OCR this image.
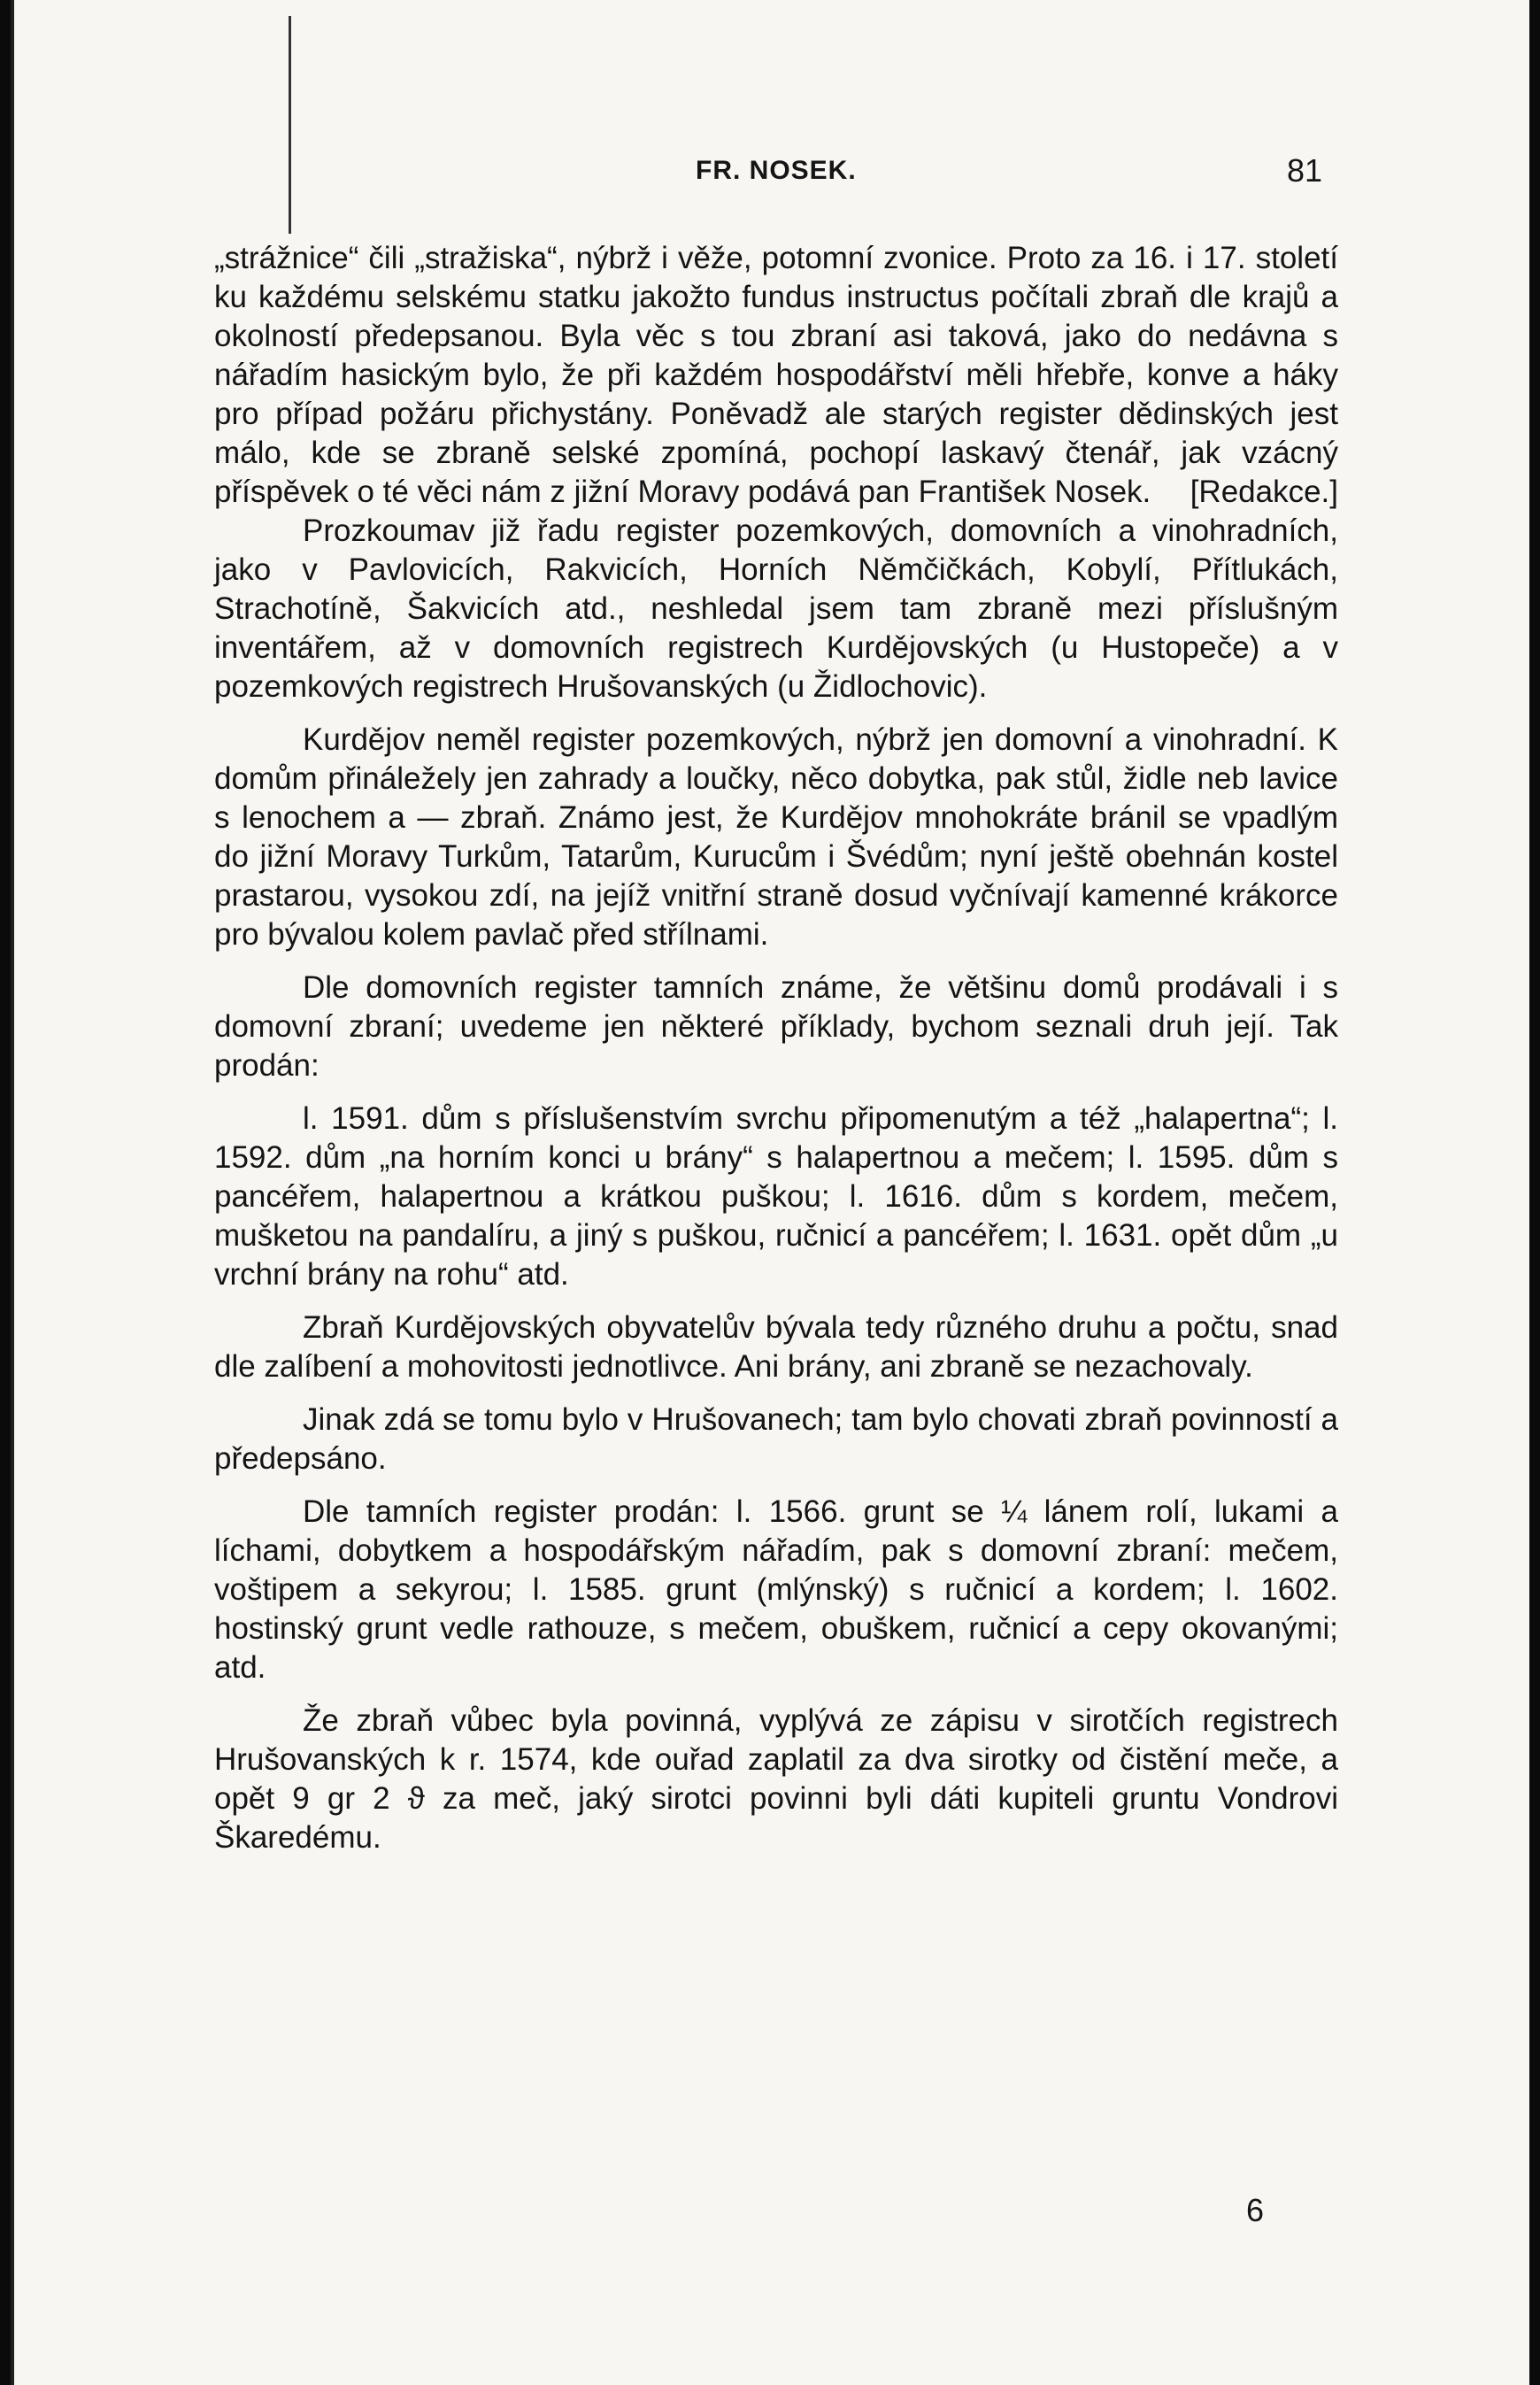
FR. NOSEK.	81

„strážnice“ čili „stražiska“, nýbrž i věže, potomní zvonice. Proto za 16. i 17. století ku každému selskému statku jakožto fundus instructus počítali zbraň dle krajů a okolností předepsanou. Byla věc s tou zbraní asi taková, jako do nedávna s nářadím hasickým bylo, že při každém hospodářství měli hřebře, konve a háky pro případ požáru přichystány. Poněvadž ale starých register dědinských jest málo, kde se zbraně selské zpomíná, pochopí laskavý čtenář, jak vzácný příspěvek o té věci nám z jižní Moravy podává pan František Nosek.	[Redakce.]

Prozkoumav již řadu register pozemkových, domovních a vinohradních, jako v Pavlovicích, Rakvicích, Horních Němčičkách, Kobylí, Přítlukách, Strachotíně, Šakvicích atd., neshledal jsem tam zbraně mezi příslušným inventářem, až v domovních registrech Kurdějovských (u Hustopeče) a v pozemkových registrech Hrušovanských (u Židlochovic).

Kurdějov neměl register pozemkových, nýbrž jen domovní a vinohradní. K domům přináležely jen zahrady a loučky, něco dobytka, pak stůl, židle neb lavice s lenochem a — zbraň. Známo jest, že Kurdějov mnohokráte bránil se vpadlým do jižní Moravy Turkům, Tatarům, Kurucům i Švédům; nyní ještě obehnán kostel prastarou, vysokou zdí, na jejíž vnitřní straně dosud vyčnívají kamenné krákorce pro bývalou kolem pavlač před střílnami.

Dle domovních register tamních známe, že většinu domů prodávali i s domovní zbraní; uvedeme jen některé příklady, bychom seznali druh její. Tak prodán:

l. 1591. dům s příslušenstvím svrchu připomenutým a též „halapertna“; l. 1592. dům „na horním konci u brány“ s halapertnou a mečem; l. 1595. dům s pancéřem, halapertnou a krátkou puškou; l. 1616. dům s kordem, mečem, mušketou na pandalíru, a jiný s puškou, ručnicí a pancéřem; l. 1631. opět dům „u vrchní brány na rohu“ atd.

Zbraň Kurdějovských obyvatelův bývala tedy různého druhu a počtu, snad dle zalíbení a mohovitosti jednotlivce. Ani brány, ani zbraně se nezachovaly.

Jinak zdá se tomu bylo v Hrušovanech; tam bylo chovati zbraň povinností a předepsáno.

Dle tamních register prodán: l. 1566. grunt se ¼ lánem rolí, lukami a líchami, dobytkem a hospodářským nářadím, pak s domovní zbraní: mečem, voštipem a sekyrou; l. 1585. grunt (mlýnský) s ručnicí a kordem; l. 1602. hostinský grunt vedle rathouze, s mečem, obuškem, ručnicí a cepy okovanými; atd.

Že zbraň vůbec byla povinná, vyplývá ze zápisu v sirotčích registrech Hrušovanských k r. 1574, kde ouřad zaplatil za dva sirotky od čistění meče, a opět 9 gr 2 ϑ za meč, jaký sirotci povinni byli dáti kupiteli gruntu Vondrovi Škaredému.

6
